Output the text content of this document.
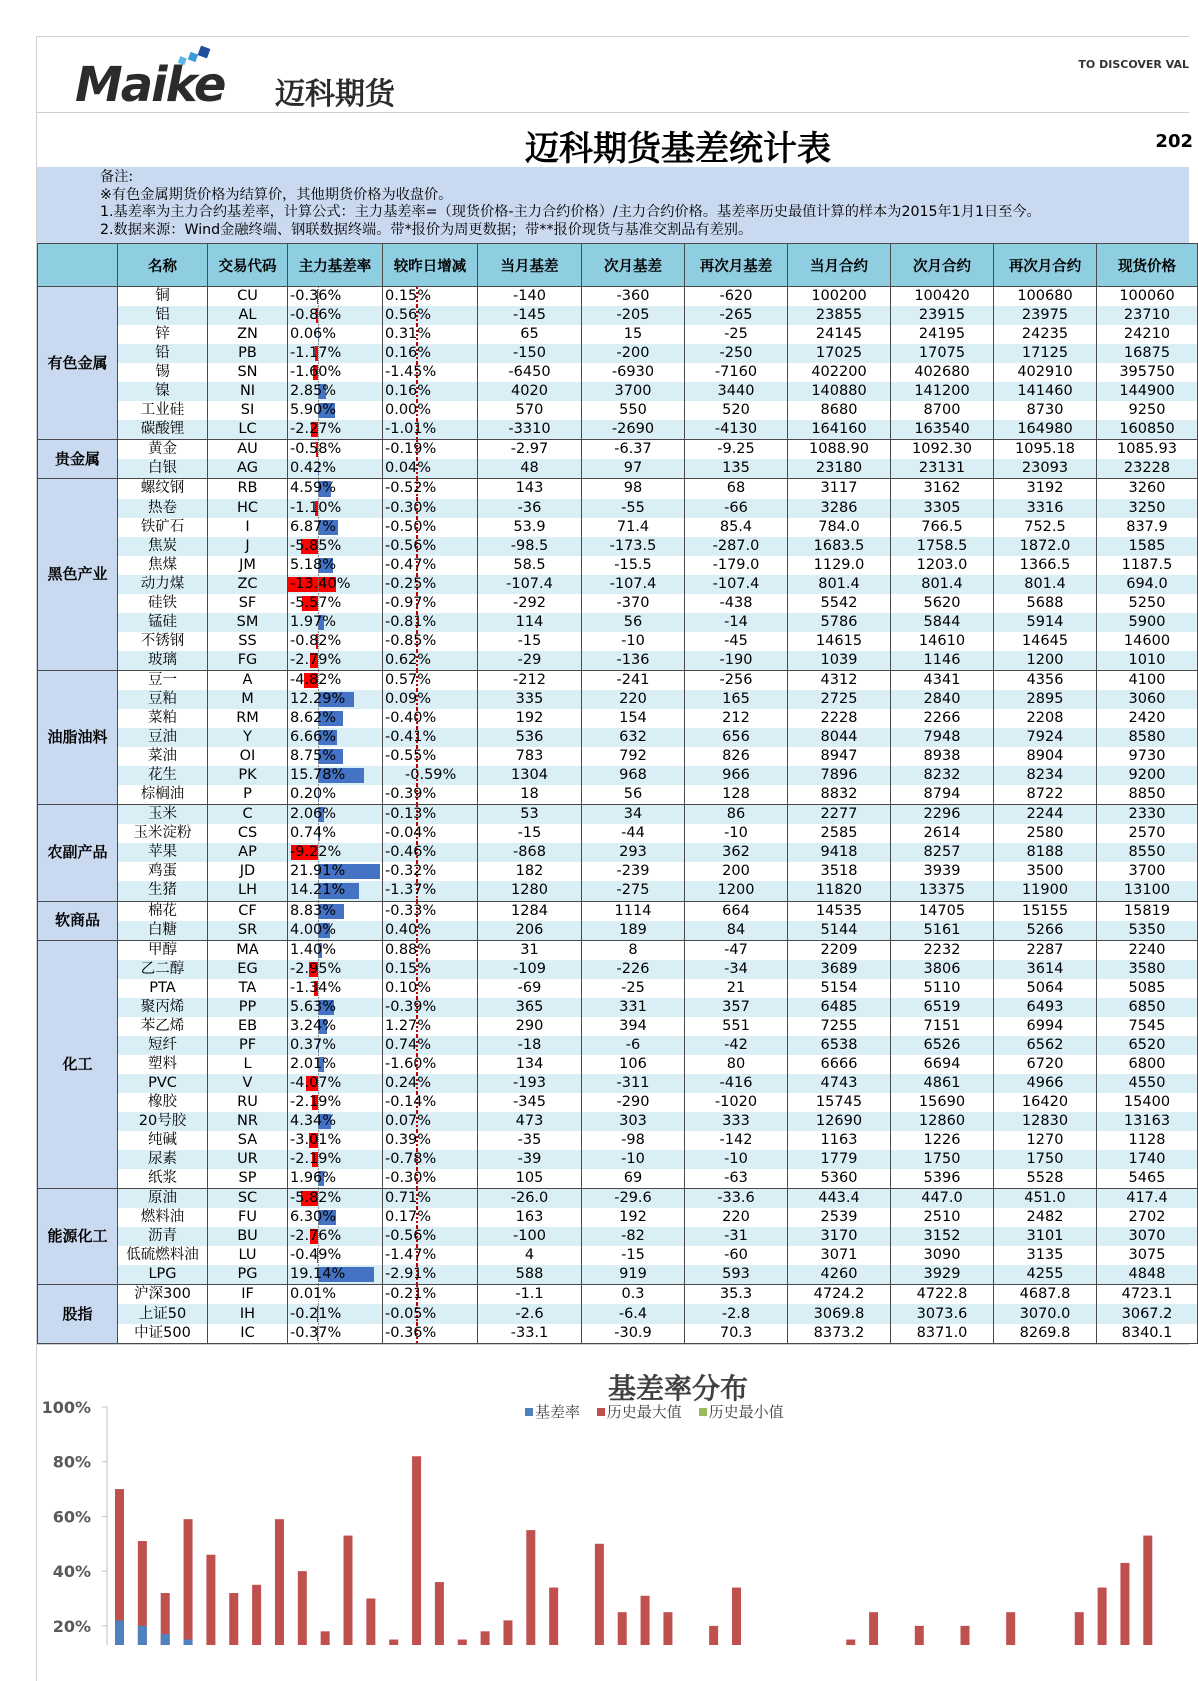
Maike 迈科期货
TO DISCOVER VAL
迈科期货基差统计表	202
备注:
※有色金属期货价格为结算价，其他期货价格为收盘价。
1.基差率为主力合约基差率，计算公式：主力基差率=（现货价格-主力合约价格）/主力合约价格。基差率历史最值计算的样本为2015年1月1日至今。
2.数据来源：Wind金融终端、钢联数据终端。带*报价为周更数据；带**报价现货与基准交割品有差别。
	名称	交易代码	主力基差率	较昨日增减	当月基差	次月基差	再次月基差	当月合约	次月合约	再次月合约	现货价格
有色金属	铜	CU	-0.36%	0.15%	-140	-360	-620	100200	100420	100680	100060
	铝	AL	-0.86%	0.56%	-145	-205	-265	23855	23915	23975	23710
	锌	ZN	0.06%	0.31%	65	15	-25	24145	24195	24235	24210
	铅	PB	-1.17%	0.16%	-150	-200	-250	17025	17075	17125	16875
	锡	SN	-1.60%	-1.45%	-6450	-6930	-7160	402200	402680	402910	395750
	镍	NI	2.85%	0.16%	4020	3700	3440	140880	141200	141460	144900
	工业硅	SI	5.90%	0.00%	570	550	520	8680	8700	8730	9250
	碳酸锂	LC	-2.27%	-1.01%	-3310	-2690	-4130	164160	163540	164980	160850
贵金属	黄金	AU	-0.58%	-0.19%	-2.97	-6.37	-9.25	1088.90	1092.30	1095.18	1085.93
	白银	AG	0.42%	0.04%	48	97	135	23180	23131	23093	23228
黑色产业	螺纹钢	RB	4.59%	-0.52%	143	98	68	3117	3162	3192	3260
	热卷	HC	-1.10%	-0.30%	-36	-55	-66	3286	3305	3316	3250
	铁矿石	I	6.87%	-0.50%	53.9	71.4	85.4	784.0	766.5	752.5	837.9
	焦炭	J	-5.85%	-0.56%	-98.5	-173.5	-287.0	1683.5	1758.5	1872.0	1585
	焦煤	JM	5.18%	-0.47%	58.5	-15.5	-179.0	1129.0	1203.0	1366.5	1187.5
	动力煤	ZC	-13.40%	-0.25%	-107.4	-107.4	-107.4	801.4	801.4	801.4	694.0
	硅铁	SF	-5.57%	-0.97%	-292	-370	-438	5542	5620	5688	5250
	锰硅	SM	1.97%	-0.81%	114	56	-14	5786	5844	5914	5900
	不锈钢	SS	-0.82%	-0.85%	-15	-10	-45	14615	14610	14645	14600
	玻璃	FG	-2.79%	0.62%	-29	-136	-190	1039	1146	1200	1010
油脂油料	豆一	A	-4.82%	0.57%	-212	-241	-256	4312	4341	4356	4100
	豆粕	M	12.29%	0.09%	335	220	165	2725	2840	2895	3060
	菜粕	RM	8.62%	-0.40%	192	154	212	2228	2266	2208	2420
	豆油	Y	6.66%	-0.41%	536	632	656	8044	7948	7924	8580
	菜油	OI	8.75%	-0.55%	783	792	826	8947	8938	8904	9730
	花生	PK	15.78%	-0.59%	1304	968	966	7896	8232	8234	9200
	棕榈油	P	0.20%	-0.39%	18	56	128	8832	8794	8722	8850
农副产品	玉米	C	2.06%	-0.13%	53	34	86	2277	2296	2244	2330
	玉米淀粉	CS	0.74%	-0.04%	-15	-44	-10	2585	2614	2580	2570
	苹果	AP	-9.22%	-0.46%	-868	293	362	9418	8257	8188	8550
	鸡蛋	JD	21.91%	-0.32%	182	-239	200	3518	3939	3500	3700
	生猪	LH	14.21%	-1.37%	1280	-275	1200	11820	13375	11900	13100
软商品	棉花	CF	8.83%	-0.33%	1284	1114	664	14535	14705	15155	15819
	白糖	SR	4.00%	0.40%	206	189	84	5144	5161	5266	5350
化工	甲醇	MA	1.40%	0.88%	31	8	-47	2209	2232	2287	2240
	乙二醇	EG	-2.95%	0.15%	-109	-226	-34	3689	3806	3614	3580
	PTA	TA	-1.34%	0.10%	-69	-25	21	5154	5110	5064	5085
	聚丙烯	PP	5.63%	-0.39%	365	331	357	6485	6519	6493	6850
	苯乙烯	EB	3.24%	1.27%	290	394	551	7255	7151	6994	7545
	短纤	PF	0.37%	0.74%	-18	-6	-42	6538	6526	6562	6520
	塑料	L	2.01%	-1.60%	134	106	80	6666	6694	6720	6800
	PVC	V	-4.07%	0.24%	-193	-311	-416	4743	4861	4966	4550
	橡胶	RU	-2.19%	-0.14%	-345	-290	-1020	15745	15690	16420	15400
	20号胶	NR	4.34%	0.07%	473	303	333	12690	12860	12830	13163
	纯碱	SA	-3.01%	0.39%	-35	-98	-142	1163	1226	1270	1128
	尿素	UR	-2.19%	-0.78%	-39	-10	-10	1779	1750	1750	1740
	纸浆	SP	1.96%	-0.30%	105	69	-63	5360	5396	5528	5465
能源化工	原油	SC	-5.82%	0.71%	-26.0	-29.6	-33.6	443.4	447.0	451.0	417.4
	燃料油	FU	6.30%	0.17%	163	192	220	2539	2510	2482	2702
	沥青	BU	-2.76%	-0.56%	-100	-82	-31	3170	3152	3101	3070
	低硫燃料油	LU	-0.49%	-1.47%	4	-15	-60	3071	3090	3135	3075
	LPG	PG	19.14%	-2.91%	588	919	593	4260	3929	4255	4848
股指	沪深300	IF	0.01%	-0.21%	-1.1	0.3	35.3	4724.2	4722.8	4687.8	4723.1
	上证50	IH	-0.21%	-0.05%	-2.6	-6.4	-2.8	3069.8	3073.6	3070.0	3067.2
	中证500	IC	-0.37%	-0.36%	-33.1	-30.9	70.3	8373.2	8371.0	8269.8	8340.1
基差率分布
基差率 历史最大值 历史最小值
100%
80%
60%
40%
20%
